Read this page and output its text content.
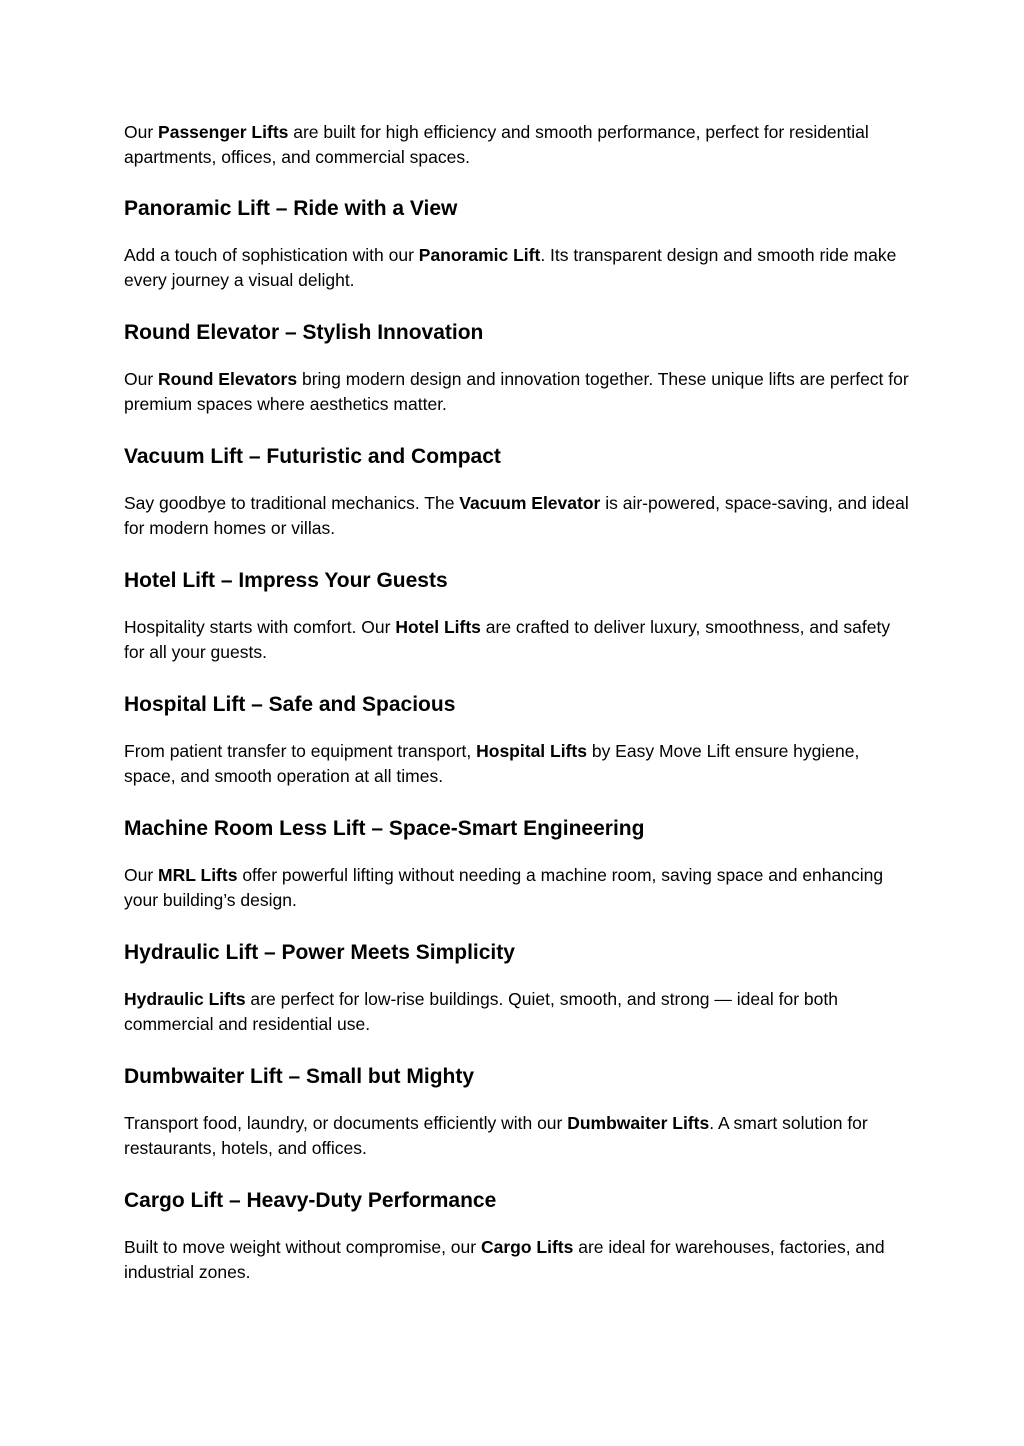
Our Passenger Lifts are built for high efficiency and smooth performance, perfect for residential apartments, offices, and commercial spaces.

Panoramic Lift – Ride with a View

Add a touch of sophistication with our Panoramic Lift. Its transparent design and smooth ride make every journey a visual delight.

Round Elevator – Stylish Innovation

Our Round Elevators bring modern design and innovation together. These unique lifts are perfect for premium spaces where aesthetics matter.

Vacuum Lift – Futuristic and Compact

Say goodbye to traditional mechanics. The Vacuum Elevator is air-powered, space-saving, and ideal for modern homes or villas.

Hotel Lift – Impress Your Guests

Hospitality starts with comfort. Our Hotel Lifts are crafted to deliver luxury, smoothness, and safety for all your guests.

Hospital Lift – Safe and Spacious

From patient transfer to equipment transport, Hospital Lifts by Easy Move Lift ensure hygiene, space, and smooth operation at all times.

Machine Room Less Lift – Space-Smart Engineering

Our MRL Lifts offer powerful lifting without needing a machine room, saving space and enhancing your building’s design.

Hydraulic Lift – Power Meets Simplicity

Hydraulic Lifts are perfect for low-rise buildings. Quiet, smooth, and strong — ideal for both commercial and residential use.

Dumbwaiter Lift – Small but Mighty

Transport food, laundry, or documents efficiently with our Dumbwaiter Lifts. A smart solution for restaurants, hotels, and offices.

Cargo Lift – Heavy-Duty Performance

Built to move weight without compromise, our Cargo Lifts are ideal for warehouses, factories, and industrial zones.
